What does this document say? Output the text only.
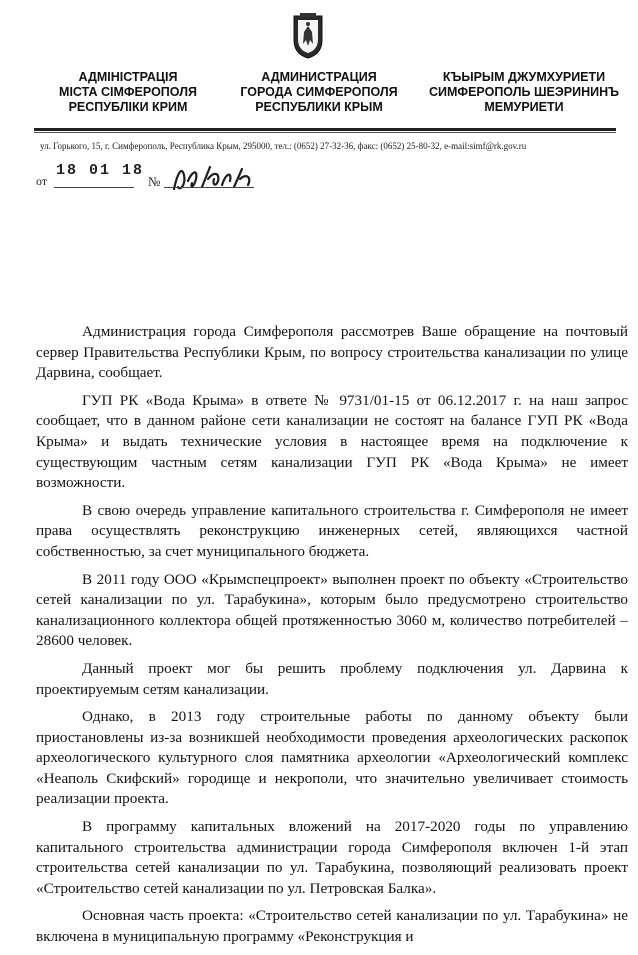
АДМІНІСТРАЦІЯ
МІСТА СІМФЕРОПОЛЯ
РЕСПУБЛІКИ КРИМ
АДМИНИСТРАЦИЯ
ГОРОДА СИМФЕРОПОЛЯ
РЕСПУБЛИКИ КРЫМ
КЪЫРЫМ ДЖУМХУРИЕТИ
СИМФЕРОПОЛЬ ШЕЭРИНИНЪ
МЕМУРИЕТИ
ул. Горького, 15, г. Симферополь, Республика Крым, 295000, тел.: (0652) 27-32-36, факс: (0652) 25-80-32, e-mail:simf@rk.gov.ru
от
18 01 18
№

Администрация города Симферополя рассмотрев Ваше обращение на почтовый сервер Правительства Республики Крым, по вопросу строительства канализации по улице Дарвина, сообщает.

ГУП РК «Вода Крыма» в ответе № 9731/01-15 от 06.12.2017 г. на наш запрос сообщает, что в данном районе сети канализации не состоят на балансе ГУП РК «Вода Крыма» и выдать технические условия в настоящее время на подключение к существующим частным сетям канализации ГУП РК «Вода Крыма» не имеет возможности.

В свою очередь управление капитального строительства г. Симферополя не имеет права осуществлять реконструкцию инженерных сетей, являющихся частной собственностью, за счет муниципального бюджета.

В 2011 году ООО «Крымспецпроект» выполнен проект по объекту «Строительство сетей канализации по ул. Тарабукина», которым было предусмотрено строительство канализационного коллектора общей протяженностью 3060 м, количество потребителей – 28600 человек.

Данный проект мог бы решить проблему подключения ул. Дарвина к проектируемым сетям канализации.

Однако, в 2013 году строительные работы по данному объекту были приостановлены из-за возникшей необходимости проведения археологических раскопок археологического культурного слоя памятника археологии «Археологический комплекс «Неаполь Скифский» городище и некрополи, что значительно увеличивает стоимость реализации проекта.

В программу капитальных вложений на 2017-2020 годы по управлению капитального строительства администрации города Симферополя включен 1-й этап строительства сетей канализации по ул. Тарабукина, позволяющий реализовать проект «Строительство сетей канализации по ул. Петровская Балка».

Основная часть проекта: «Строительство сетей канализации по ул. Тарабукина» не включена в муниципальную программу «Реконструкция и
